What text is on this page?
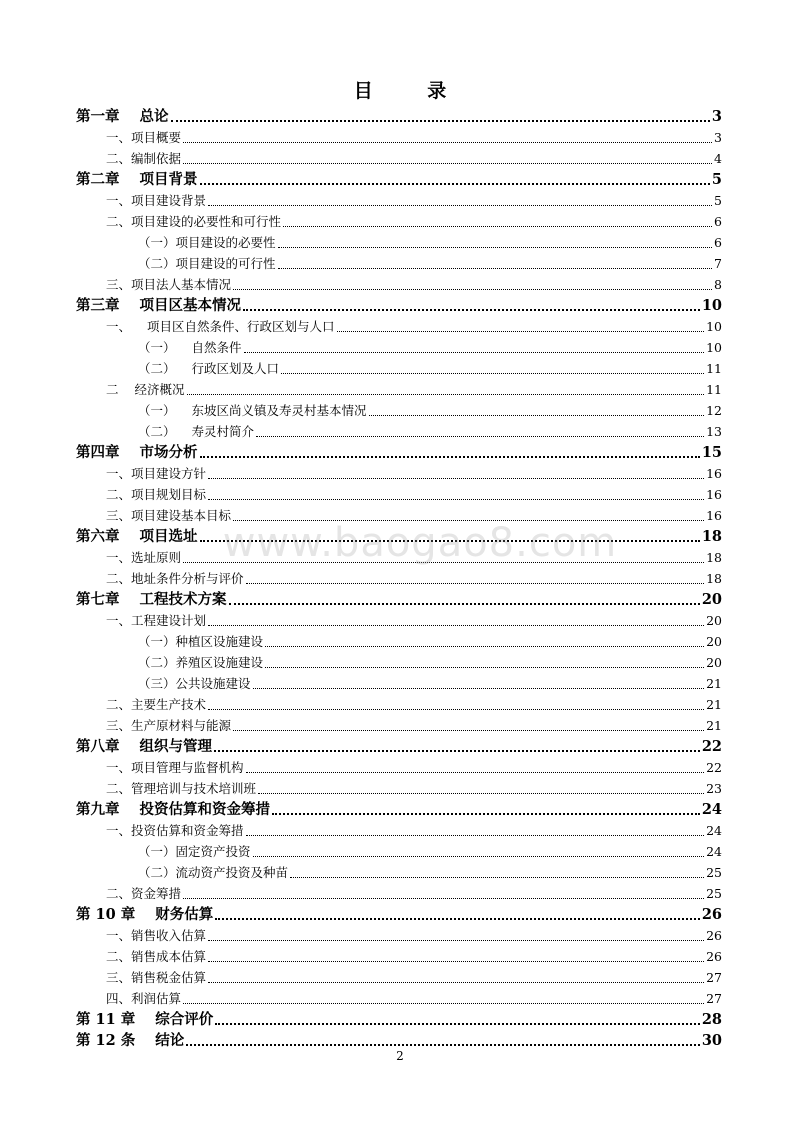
目 录
第一章 总论	3
一、项目概要	3
二、编制依据	4
第二章 项目背景	5
一、项目建设背景	5
二、项目建设的必要性和可行性	6
（一）项目建设的必要性	6
（二）项目建设的可行性	7
三、项目法人基本情况	8
第三章 项目区基本情况	10
一、 项目区自然条件、行政区划与人口	10
（一） 自然条件	10
（二） 行政区划及人口	11
二 经济概况	11
（一） 东坡区尚义镇及寿灵村基本情况	12
（二） 寿灵村简介	13
第四章 市场分析	15
一、项目建设方针	16
二、项目规划目标	16
三、项目建设基本目标	16
第六章 项目选址	18
一、选址原则	18
二、地址条件分析与评价	18
第七章 工程技术方案	20
一、工程建设计划	20
（一）种植区设施建设	20
（二）养殖区设施建设	20
（三）公共设施建设	21
二、主要生产技术	21
三、生产原材料与能源	21
第八章 组织与管理	22
一、项目管理与监督机构	22
二、管理培训与技术培训班	23
第九章 投资估算和资金筹措	24
一、投资估算和资金筹措	24
（一）固定资产投资	24
（二）流动资产投资及种苗	25
二、资金筹措	25
第 10 章 财务估算	26
一、销售收入估算	26
二、销售成本估算	26
三、销售税金估算	27
四、利润估算	27
第 11 章 综合评价	28
第 12 条 结论	30
www.baogao8.com
2
